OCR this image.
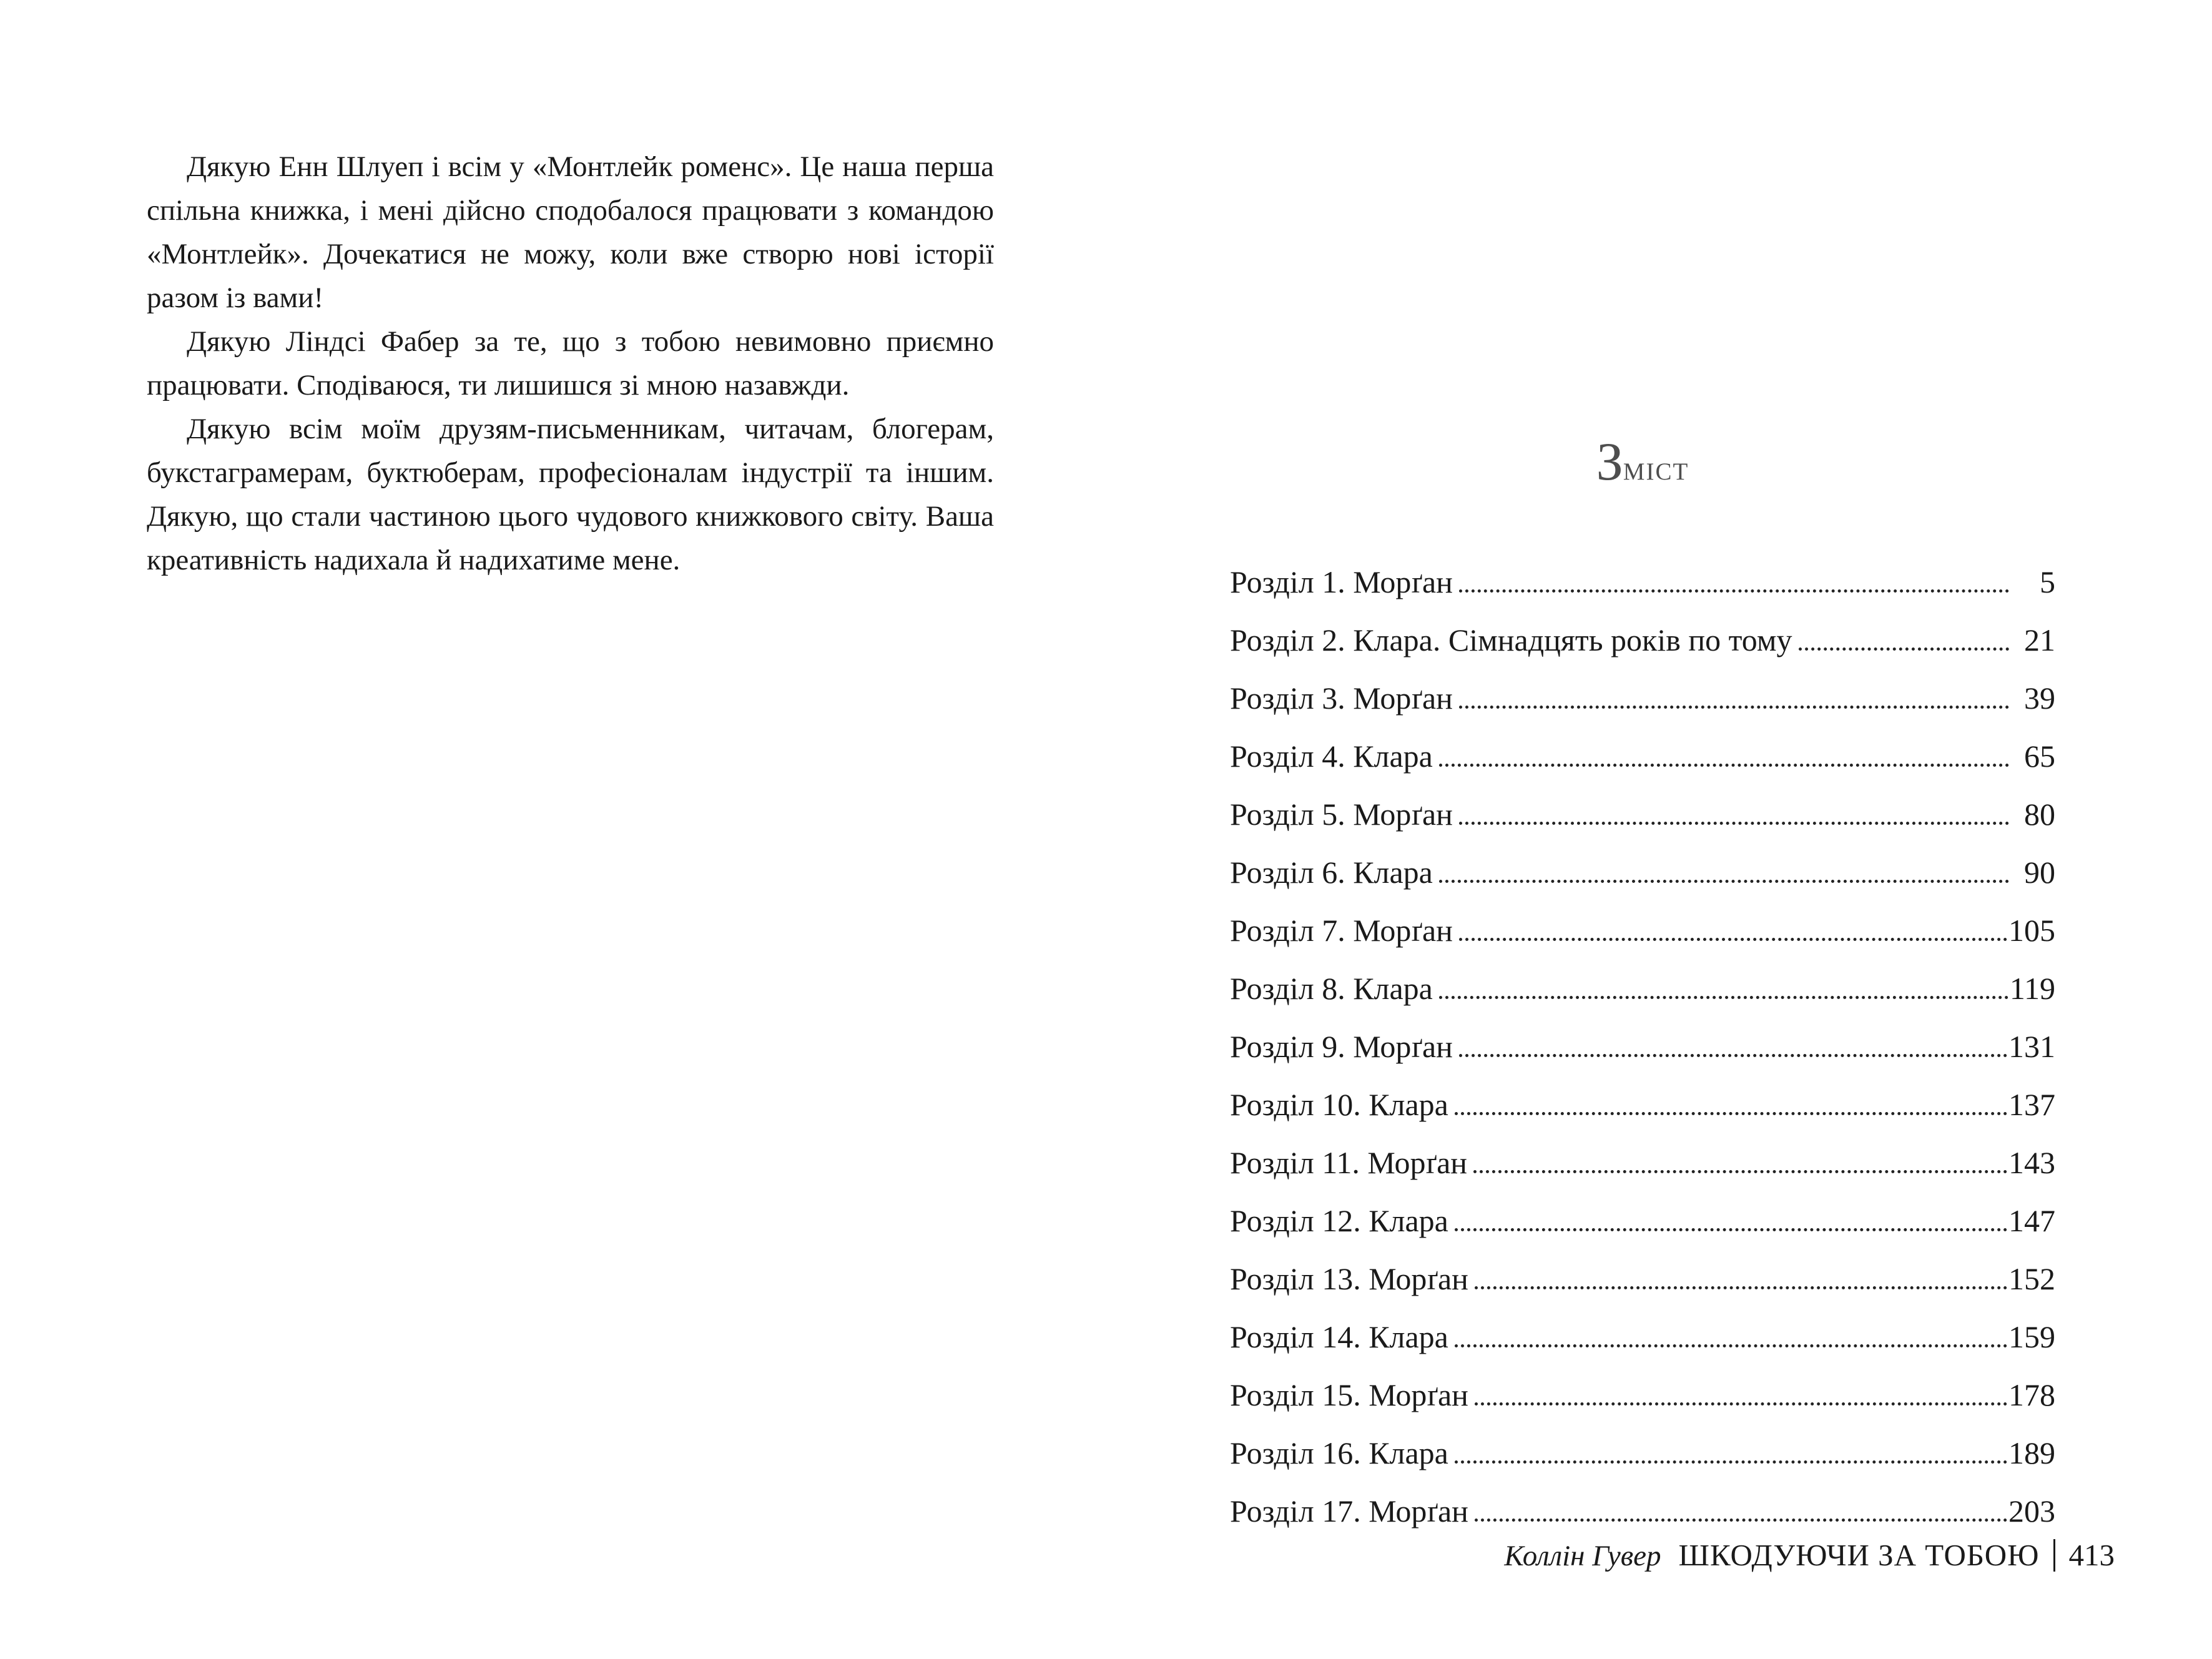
Дякую Енн Шлуеп і всім у «Монтлейк роменс». Це наша перша спільна книжка, і мені дійсно сподобалося працювати з командою «Монтлейк». Дочекатися не можу, коли вже створю нові історії разом із вами!

Дякую Ліндсі Фабер за те, що з тобою невимовно приємно працювати. Сподіваюся, ти лишишся зі мною назавжди.

Дякую всім моїм друзям-письменникам, читачам, блогерам, букстаграмерам, буктюберам, професіоналам індустрії та іншим. Дякую, що стали частиною цього чудового книжкового світу. Ваша креативність надихала й надихатиме мене.

Зміст
Розділ 1. Морґан	5
Розділ 2. Клара. Сімнадцять років по тому	21
Розділ 3. Морґан	39
Розділ 4. Клара	65
Розділ 5. Морґан	80
Розділ 6. Клара	90
Розділ 7. Морґан	105
Розділ 8. Клара	119
Розділ 9. Морґан	131
Розділ 10. Клара	137
Розділ 11. Морґан	143
Розділ 12. Клара	147
Розділ 13. Морґан	152
Розділ 14. Клара	159
Розділ 15. Морґан	178
Розділ 16. Клара	189
Розділ 17. Морґан	203
Коллін Гувер ШКОДУЮЧИ ЗА ТОБОЮ 413
